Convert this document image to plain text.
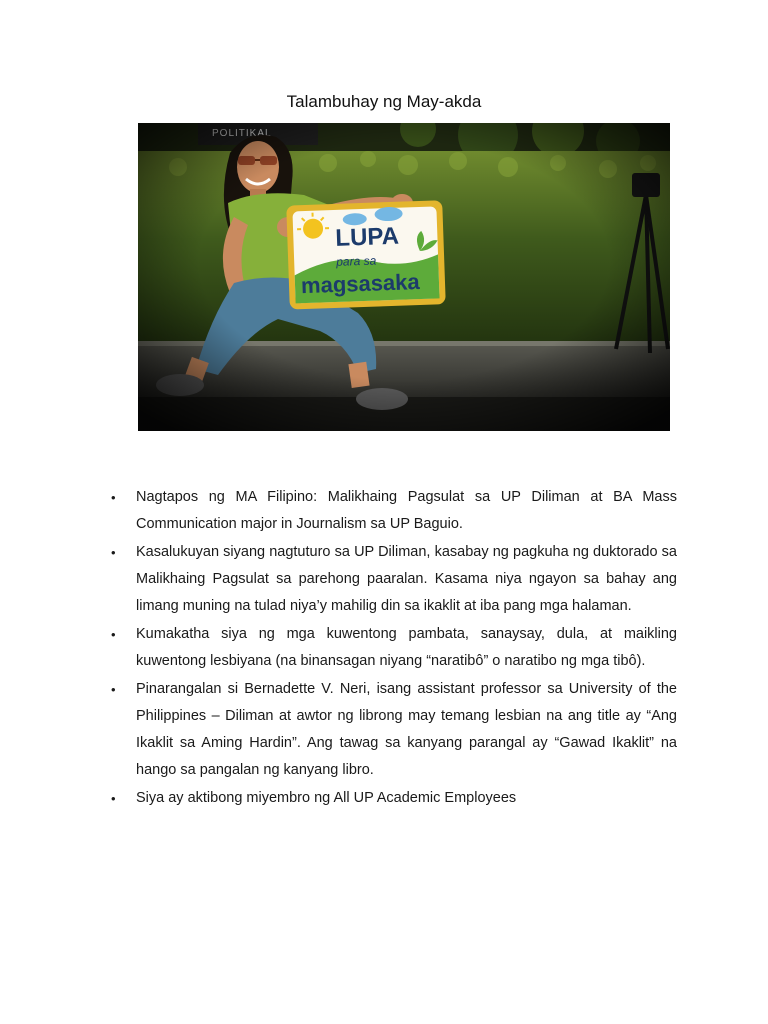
Talambuhay ng May-akda
• Nagtapos ng MA Filipino: Malikhaing Pagsulat sa UP Diliman at BA Mass Communication major in Journalism sa UP Baguio.
• Kasalukuyan siyang nagtuturo sa UP Diliman, kasabay ng pagkuha ng duktorado sa Malikhaing Pagsulat sa parehong paaralan. Kasama niya ngayon sa bahay ang limang muning na tulad niya’y mahilig din sa ikaklit at iba pang mga halaman.
• Kumakatha siya ng mga kuwentong pambata, sanaysay, dula, at maikling kuwentong lesbiyana (na binansagan niyang “naratibô” o naratibo ng mga tibô).
• Pinarangalan si Bernadette V. Neri, isang assistant professor sa University of the Philippines – Diliman at awtor ng librong may temang lesbian na ang title ay “Ang Ikaklit sa Aming Hardin”. Ang tawag sa kanyang parangal ay “Gawad Ikaklit” na hango sa pangalan ng kanyang libro.
• Siya ay aktibong miyembro ng All UP Academic Employees
